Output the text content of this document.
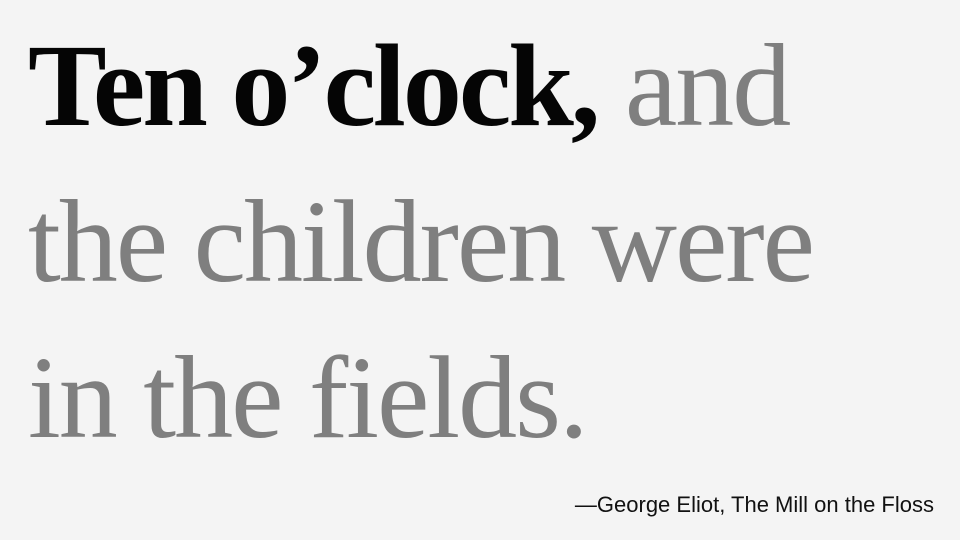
Ten o’clock, and
the children were
in the fields.

—George Eliot, The Mill on the Floss
